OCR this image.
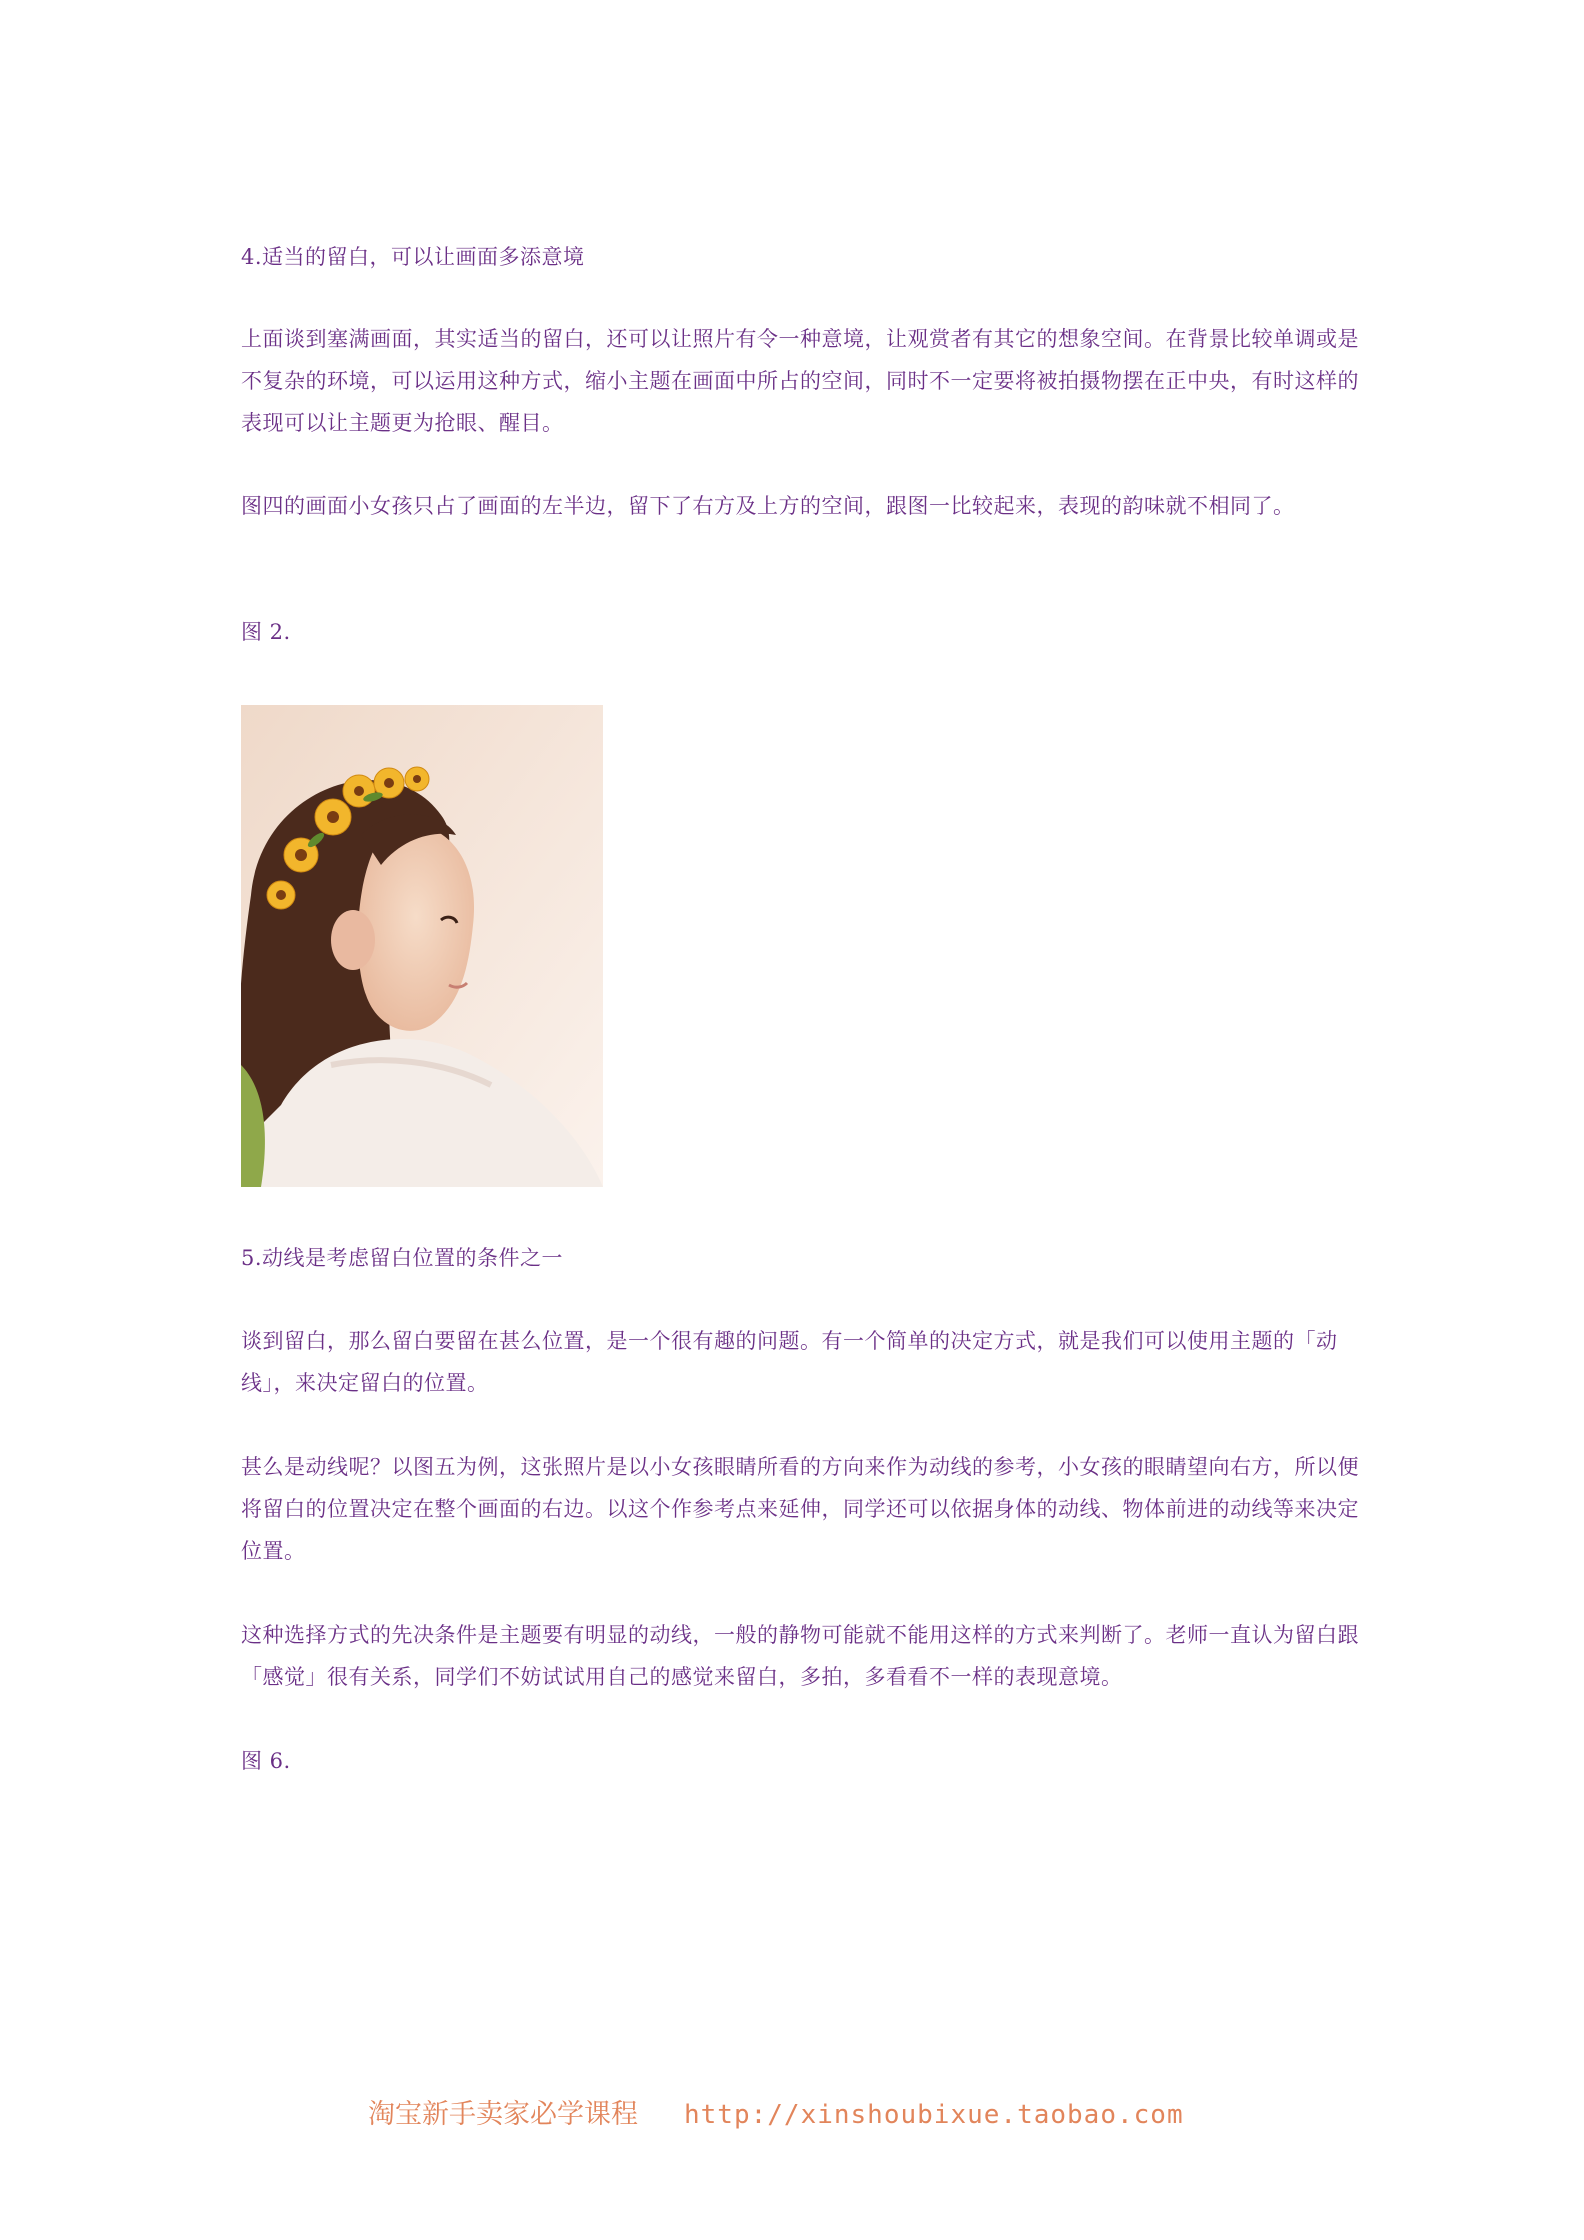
4.适当的留白，可以让画面多添意境

上面谈到塞满画面，其实适当的留白，还可以让照片有令一种意境，让观赏者有其它的想象空间。在背景比较单调或是不复杂的环境，可以运用这种方式，缩小主题在画面中所占的空间，同时不一定要将被拍摄物摆在正中央，有时这样的表现可以让主题更为抢眼、醒目。

图四的画面小女孩只占了画面的左半边，留下了右方及上方的空间，跟图一比较起来，表现的韵味就不相同了。

图 2.

5.动线是考虑留白位置的条件之一

谈到留白，那么留白要留在甚么位置，是一个很有趣的问题。有一个简单的决定方式，就是我们可以使用主题的「动线」，来决定留白的位置。

甚么是动线呢？以图五为例，这张照片是以小女孩眼睛所看的方向来作为动线的参考，小女孩的眼睛望向右方，所以便将留白的位置决定在整个画面的右边。以这个作参考点来延伸，同学还可以依据身体的动线、物体前进的动线等来决定位置。

这种选择方式的先决条件是主题要有明显的动线，一般的静物可能就不能用这样的方式来判断了。老师一直认为留白跟「感觉」很有关系，同学们不妨试试用自己的感觉来留白，多拍，多看看不一样的表现意境。

图 6.

淘宝新手卖家必学课程 http://xinshoubixue.taobao.com
